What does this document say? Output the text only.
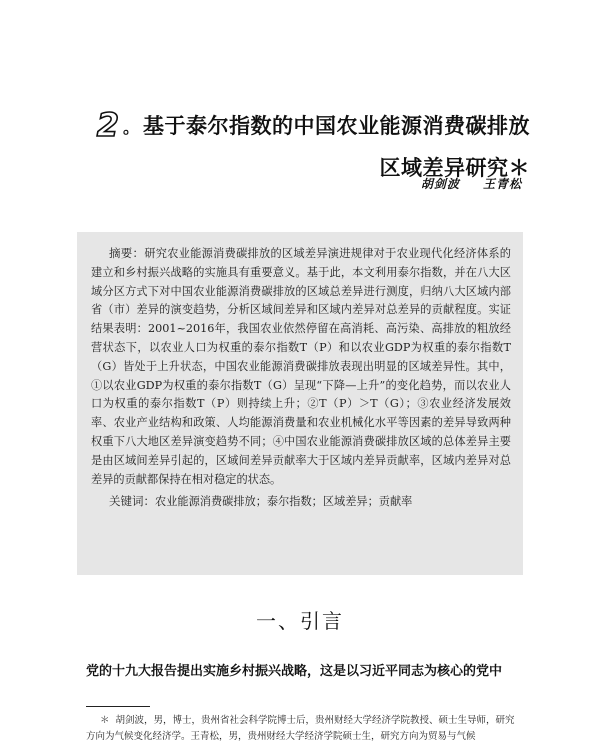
2 。 基于泰尔指数的中国农业能源消费碳排放
区域差异研究＊
胡剑波 王青松

摘要：研究农业能源消费碳排放的区域差异演进规律对于农业现代化经济体系的建立和乡村振兴战略的实施具有重要意义。基于此，本文利用泰尔指数，并在八大区域分区方式下对中国农业能源消费碳排放的区域总差异进行测度，归纳八大区域内部省（市）差异的演变趋势，分析区域间差异和区域内差异对总差异的贡献程度。实证结果表明：2001~2016年，我国农业依然停留在高消耗、高污染、高排放的粗放经营状态下，以农业人口为权重的泰尔指数T（P）和以农业GDP为权重的泰尔指数T（G）皆处于上升状态，中国农业能源消费碳排放表现出明显的区域差异性。其中，①以农业GDP为权重的泰尔指数T（G）呈现“下降—上升”的变化趋势，而以农业人口为权重的泰尔指数T（P）则持续上升；②T（P）＞T（G）；③农业经济发展效率、农业产业结构和政策、人均能源消费量和农业机械化水平等因素的差异导致两种权重下八大地区差异演变趋势不同；④中国农业能源消费碳排放区域的总体差异主要是由区域间差异引起的，区域间差异贡献率大于区域内差异贡献率，区域内差异对总差异的贡献都保持在相对稳定的状态。

关键词：农业能源消费碳排放；泰尔指数；区域差异；贡献率

一、引言
党的十九大报告提出实施乡村振兴战略，这是以习近平同志为核心的党中
＊ 胡剑波，男，博士，贵州省社会科学院博士后，贵州财经大学经济学院教授、硕士生导师，研究方向为气候变化经济学。王青松，男，贵州财经大学经济学院硕士生，研究方向为贸易与气候
